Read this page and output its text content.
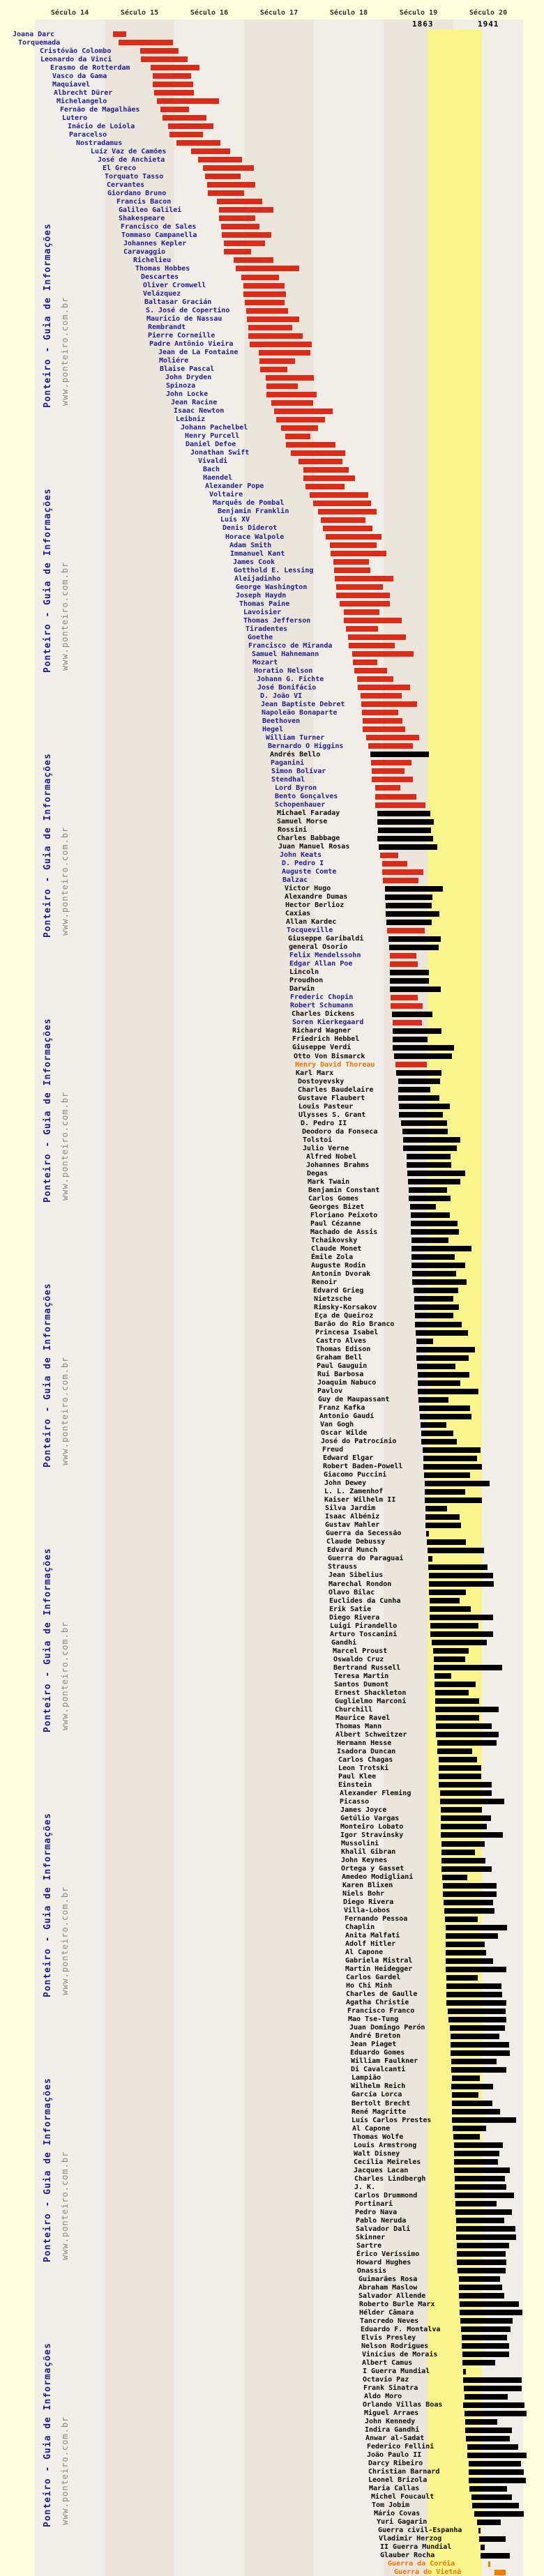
1863	1941
Século 14	Século 15	Século 16	Século 17	Século 18	Século 19	Século 20
Joana Darc
Torquemada
Cristóvão Colombo
Leonardo da Vinci
Erasmo de Rotterdam
Vasco da Gama
Maquiavel
Albrecht Dürer
Michelangelo
Fernão de Magalhães
Lutero
Inácio de Loiola
Paracelso
Nostradamus
Luíz Vaz de Camões
José de Anchieta
El Greco
Torquato Tasso
Cervantes
Giordano Bruno
Francis Bacon
Galileo Galilei
Shakespeare
Francisco de Sales
Tommaso Campanella
Johannes Kepler
Caravaggio
Richelieu
Thomas Hobbes
Descartes
Oliver Cromwell
Velázquez
Baltasar Gracián
S. José de Copertino
Mauricio de Nassau
Rembrandt
Pierre Corneille
Padre Antônio Vieira
Jean de La Fontaine
Moliére
Blaise Pascal
John Dryden
Spinoza
John Locke
Jean Racine
Isaac Newton
Leibniz
Johann Pachelbel
Henry Purcell
Daniel Defoe
Jonathan Swift
Vivaldi
Bach
Haendel
Alexander Pope
Voltaire
Marquês de Pombal
Benjamin Franklin
Luís XV
Denis Diderot
Horace Walpole
Adam Smith
Immanuel Kant
James Cook
Gotthold E. Lessing
Aleijadinho
George Washington
Joseph Haydn
Thomas Paine
Lavoisier
Thomas Jefferson
Tiradentes
Goethe
Francisco de Miranda
Samuel Hahnemann
Mozart
Horatio Nelson
Johann G. Fichte
José Bonifácio
D. João VI
Jean Baptiste Debret
Napoleão Bonaparte
Beethoven
Hegel
William Turner
Bernardo O Higgins
Andrés Bello
Paganini
Simon Bolívar
Stendhal
Lord Byron
Bento Gonçalves
Schopenhauer
Michael Faraday
Samuel Morse
Rossini
Charles Babbage
Juan Manuel Rosas
John Keats
D. Pedro I
Auguste Comte
Balzac
Victor Hugo
Alexandre Dumas
Hector Berlioz
Caxias
Allan Kardec
Tocqueville
Giuseppe Garibaldi
general Osorio
Felix Mendelssohn
Edgar Allan Poe
Lincoln
Proudhon
Darwin
Frederic Chopin
Robert Schumann
Charles Dickens
Soren Kierkegaard
Richard Wagner
Friedrich Hebbel
Giuseppe Verdi
Otto Von Bismarck
Henry David Thoreau
Karl Marx
Dostoyevsky
Charles Baudelaire
Gustave Flaubert
Louis Pasteur
Ulysses S. Grant
D. Pedro II
Deodoro da Fonseca
Tolstoi
Julio Verne
Alfred Nobel
Johannes Brahms
Degas
Mark Twain
Benjamin Constant
Carlos Gomes
Georges Bizet
Floriano Peixoto
Paul Cézanne
Machado de Assis
Tchaikovsky
Claude Monet
Émile Zola
Auguste Rodin
Antonin Dvorak
Renoir
Edvard Grieg
Nietzsche
Rimsky-Korsakov
Eça de Queiroz
Barão do Rio Branco
Princesa Isabel
Castro Alves
Thomas Edison
Graham Bell
Paul Gauguin
Rui Barbosa
Joaquim Nabuco
Pavlov
Guy de Maupassant
Franz Kafka
Antonio Gaudí
Van Gogh
Oscar Wilde
José do Patrocínio
Freud
Edward Elgar
Robert Baden-Powell
Giacomo Puccini
John Dewey
L. L. Zamenhof
Kaiser Wilhelm II
Silva Jardim
Isaac Albéniz
Gustav Mahler
Guerra da Secessão
Claude Debussy
Edvard Munch
Guerra do Paraguai
Strauss
Jean Sibelius
Marechal Rondon
Olavo Bilac
Euclides da Cunha
Erik Satie
Diego Rivera
Luigi Pirandello
Arturo Toscanini
Gandhi
Marcel Proust
Oswaldo Cruz
Bertrand Russell
Teresa Martin
Santos Dumont
Ernest Shackleton
Guglielmo Marconi
Churchill
Maurice Ravel
Thomas Mann
Albert Schweitzer
Hermann Hesse
Isadora Duncan
Carlos Chagas
Leon Trotski
Paul Klee
Einstein
Alexander Fleming
Picasso
James Joyce
Getúlio Vargas
Monteiro Lobato
Igor Stravinsky
Mussolini
Khalil Gibran
John Keynes
Ortega y Gasset
Amedeo Modigliani
Karen Blixen
Niels Bohr
Diego Rivera
Villa-Lobos
Fernando Pessoa
Chaplin
Anita Malfati
Adolf Hitler
Al Capone
Gabriela Mistral
Martin Heidegger
Carlos Gardel
Ho Chi Minh
Charles de Gaulle
Agatha Christie
Francisco Franco
Mao Tse-Tung
Juan Domingo Perón
André Breton
Jean Piaget
Eduardo Gomes
William Faulkner
Di Cavalcanti
Lampião
Wilhelm Reich
García Lorca
Bertolt Brecht
René Magritte
Luís Carlos Prestes
Al Capone
Thomas Wolfe
Louis Armstrong
Walt Disney
Cecília Meireles
Jacques Lacan
Charles Lindbergh
J. K.
Carlos Drummond
Portinari
Pedro Nava
Pablo Neruda
Salvador Dali
Skinner
Sartre
Érico Veríssimo
Howard Hughes
Onassis
Guimarães Rosa
Abraham Maslow
Salvador Allende
Roberto Burle Marx
Hélder Câmara
Tancredo Neves
Eduardo F. Montalva
Elvis Presley
Nelson Rodrigues
Vinícius de Morais
Albert Camus
I Guerra Mundial
Octavio Paz
Frank Sinatra
Aldo Moro
Orlando Villas Boas
Miguel Arraes
John Kennedy
Indira Gandhi
Anwar al-Sadat
Federico Fellini
João Paulo II
Darcy Ribeiro
Christian Barnard
Leonel Brizola
Maria Callas
Michel Foucault
Tom Jobim
Mário Covas
Yuri Gagarin
Guerra civil-Espanha
Vladimir Herzog
II Guerra Mundial
Glauber Rocha
Guerra da Coréia
Guerra do Vietnã
Ponteiro - Guia de Informações www.ponteiro.com.br
Ponteiro - Guia de Informações www.ponteiro.com.br
Ponteiro - Guia de Informações www.ponteiro.com.br
Ponteiro - Guia de Informações www.ponteiro.com.br
Ponteiro - Guia de Informações www.ponteiro.com.br
Ponteiro - Guia de Informações www.ponteiro.com.br
Ponteiro - Guia de Informações www.ponteiro.com.br
Ponteiro - Guia de Informações www.ponteiro.com.br
Ponteiro - Guia de Informações www.ponteiro.com.br
